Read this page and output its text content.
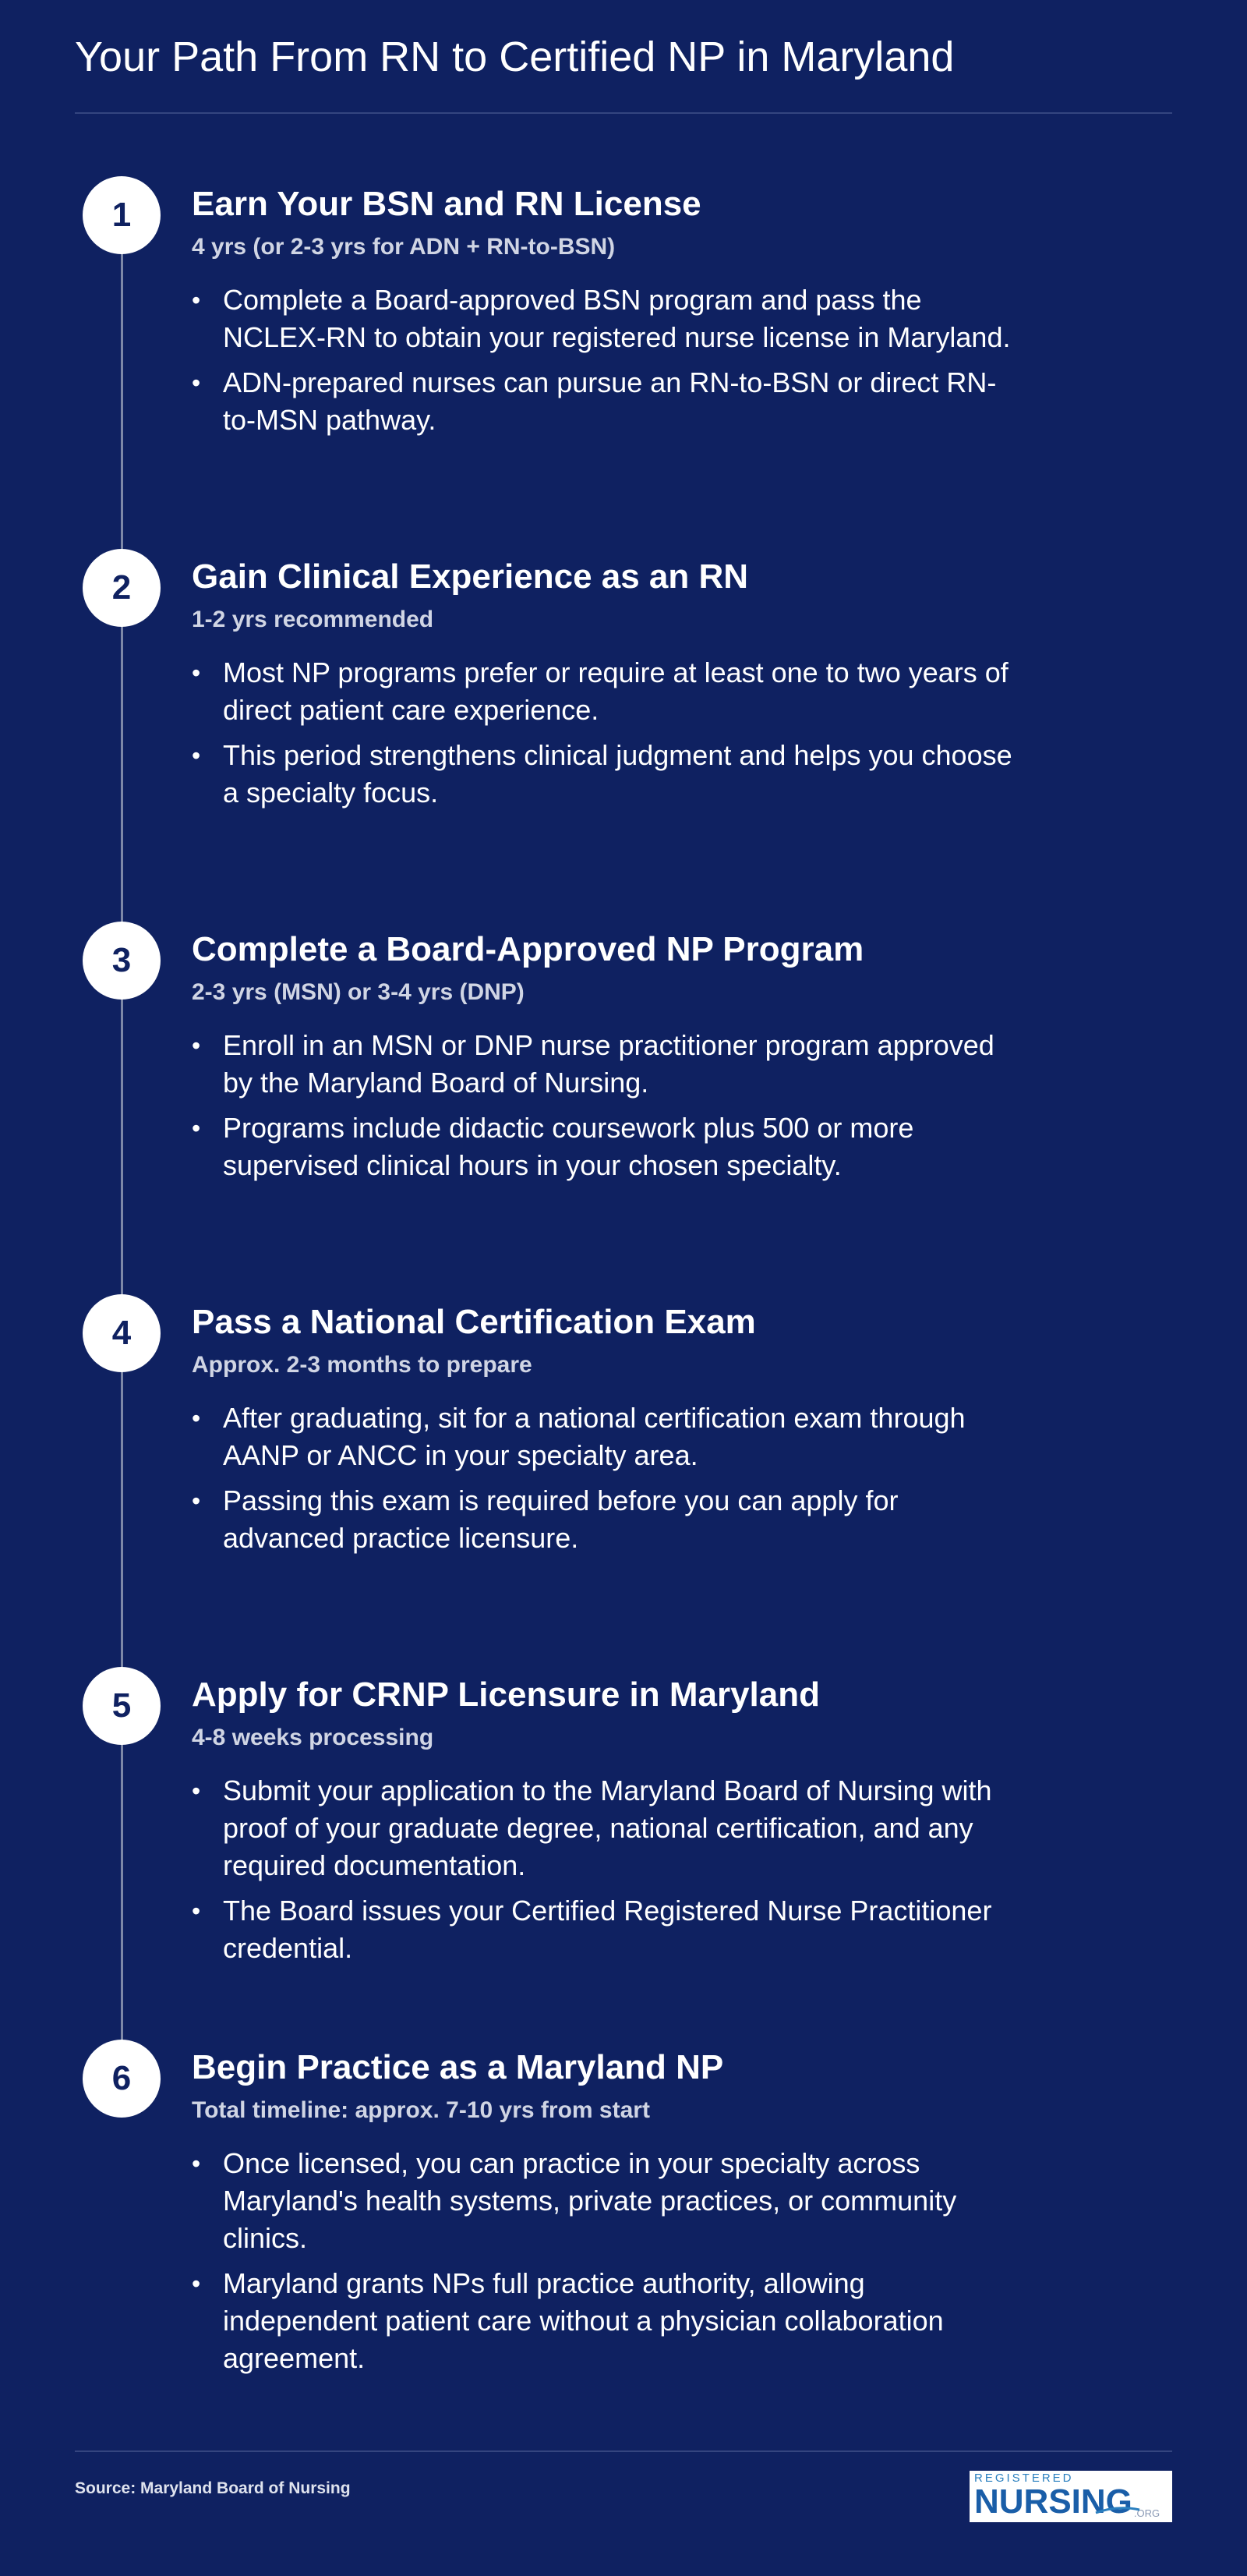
Your Path From RN to Certified NP in Maryland
1	Earn Your BSN and RN License
4 yrs (or 2-3 yrs for ADN + RN-to-BSN)
• Complete a Board-approved BSN program and pass the NCLEX-RN to obtain your registered nurse license in Maryland.
• ADN-prepared nurses can pursue an RN-to-BSN or direct RN-to-MSN pathway.
2	Gain Clinical Experience as an RN
1-2 yrs recommended
• Most NP programs prefer or require at least one to two years of direct patient care experience.
• This period strengthens clinical judgment and helps you choose a specialty focus.
3	Complete a Board-Approved NP Program
2-3 yrs (MSN) or 3-4 yrs (DNP)
• Enroll in an MSN or DNP nurse practitioner program approved by the Maryland Board of Nursing.
• Programs include didactic coursework plus 500 or more supervised clinical hours in your chosen specialty.
4	Pass a National Certification Exam
Approx. 2-3 months to prepare
• After graduating, sit for a national certification exam through AANP or ANCC in your specialty area.
• Passing this exam is required before you can apply for advanced practice licensure.
5	Apply for CRNP Licensure in Maryland
4-8 weeks processing
• Submit your application to the Maryland Board of Nursing with proof of your graduate degree, national certification, and any required documentation.
• The Board issues your Certified Registered Nurse Practitioner credential.
6	Begin Practice as a Maryland NP
Total timeline: approx. 7-10 yrs from start
• Once licensed, you can practice in your specialty across Maryland's health systems, private practices, or community clinics.
• Maryland grants NPs full practice authority, allowing independent patient care without a physician collaboration agreement.
Source: Maryland Board of Nursing
REGISTERED
NURSING .ORG
